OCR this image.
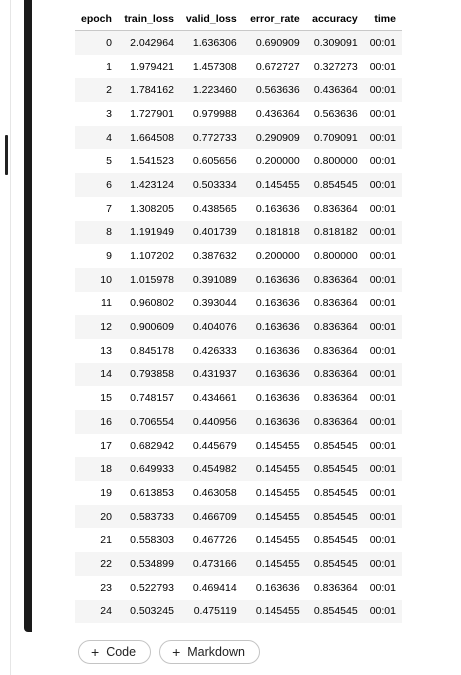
epoch	train_loss	valid_loss	error_rate	accuracy	time
0	2.042964	1.636306	0.690909	0.309091	00:01
1	1.979421	1.457308	0.672727	0.327273	00:01
2	1.784162	1.223460	0.563636	0.436364	00:01
3	1.727901	0.979988	0.436364	0.563636	00:01
4	1.664508	0.772733	0.290909	0.709091	00:01
5	1.541523	0.605656	0.200000	0.800000	00:01
6	1.423124	0.503334	0.145455	0.854545	00:01
7	1.308205	0.438565	0.163636	0.836364	00:01
8	1.191949	0.401739	0.181818	0.818182	00:01
9	1.107202	0.387632	0.200000	0.800000	00:01
10	1.015978	0.391089	0.163636	0.836364	00:01
11	0.960802	0.393044	0.163636	0.836364	00:01
12	0.900609	0.404076	0.163636	0.836364	00:01
13	0.845178	0.426333	0.163636	0.836364	00:01
14	0.793858	0.431937	0.163636	0.836364	00:01
15	0.748157	0.434661	0.163636	0.836364	00:01
16	0.706554	0.440956	0.163636	0.836364	00:01
17	0.682942	0.445679	0.145455	0.854545	00:01
18	0.649933	0.454982	0.145455	0.854545	00:01
19	0.613853	0.463058	0.145455	0.854545	00:01
20	0.583733	0.466709	0.145455	0.854545	00:01
21	0.558303	0.467726	0.145455	0.854545	00:01
22	0.534899	0.473166	0.145455	0.854545	00:01
23	0.522793	0.469414	0.163636	0.836364	00:01
24	0.503245	0.475119	0.145455	0.854545	00:01
+ Code	+ Markdown
